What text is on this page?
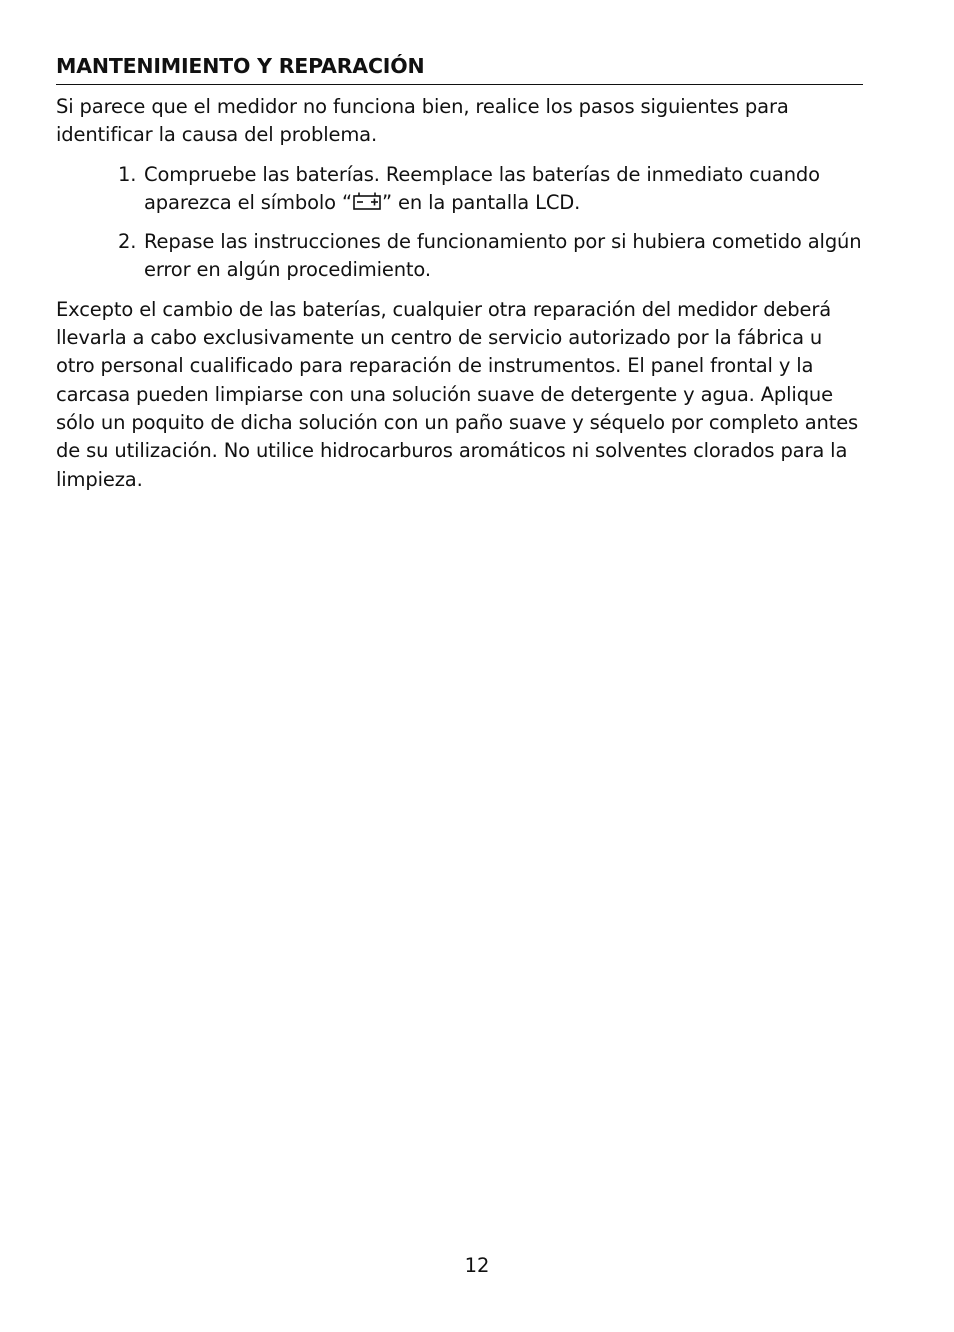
MANTENIMIENTO Y REPARACIÓN

Si parece que el medidor no funciona bien, realice los pasos siguientes para identificar la causa del problema.

1. Compruebe las baterías. Reemplace las baterías de inmediato cuando aparezca el símbolo “ ” en la pantalla LCD.
2. Repase las instrucciones de funcionamiento por si hubiera cometido algún error en algún procedimiento.

Excepto el cambio de las baterías, cualquier otra reparación del medidor deberá llevarla a cabo exclusivamente un centro de servicio autorizado por la fábrica u otro personal cualificado para reparación de instrumentos. El panel frontal y la carcasa pueden limpiarse con una solución suave de detergente y agua. Aplique sólo un poquito de dicha solución con un paño suave y séquelo por completo antes de su utilización. No utilice hidrocarburos aromáticos ni solventes clorados para la limpieza.

12
